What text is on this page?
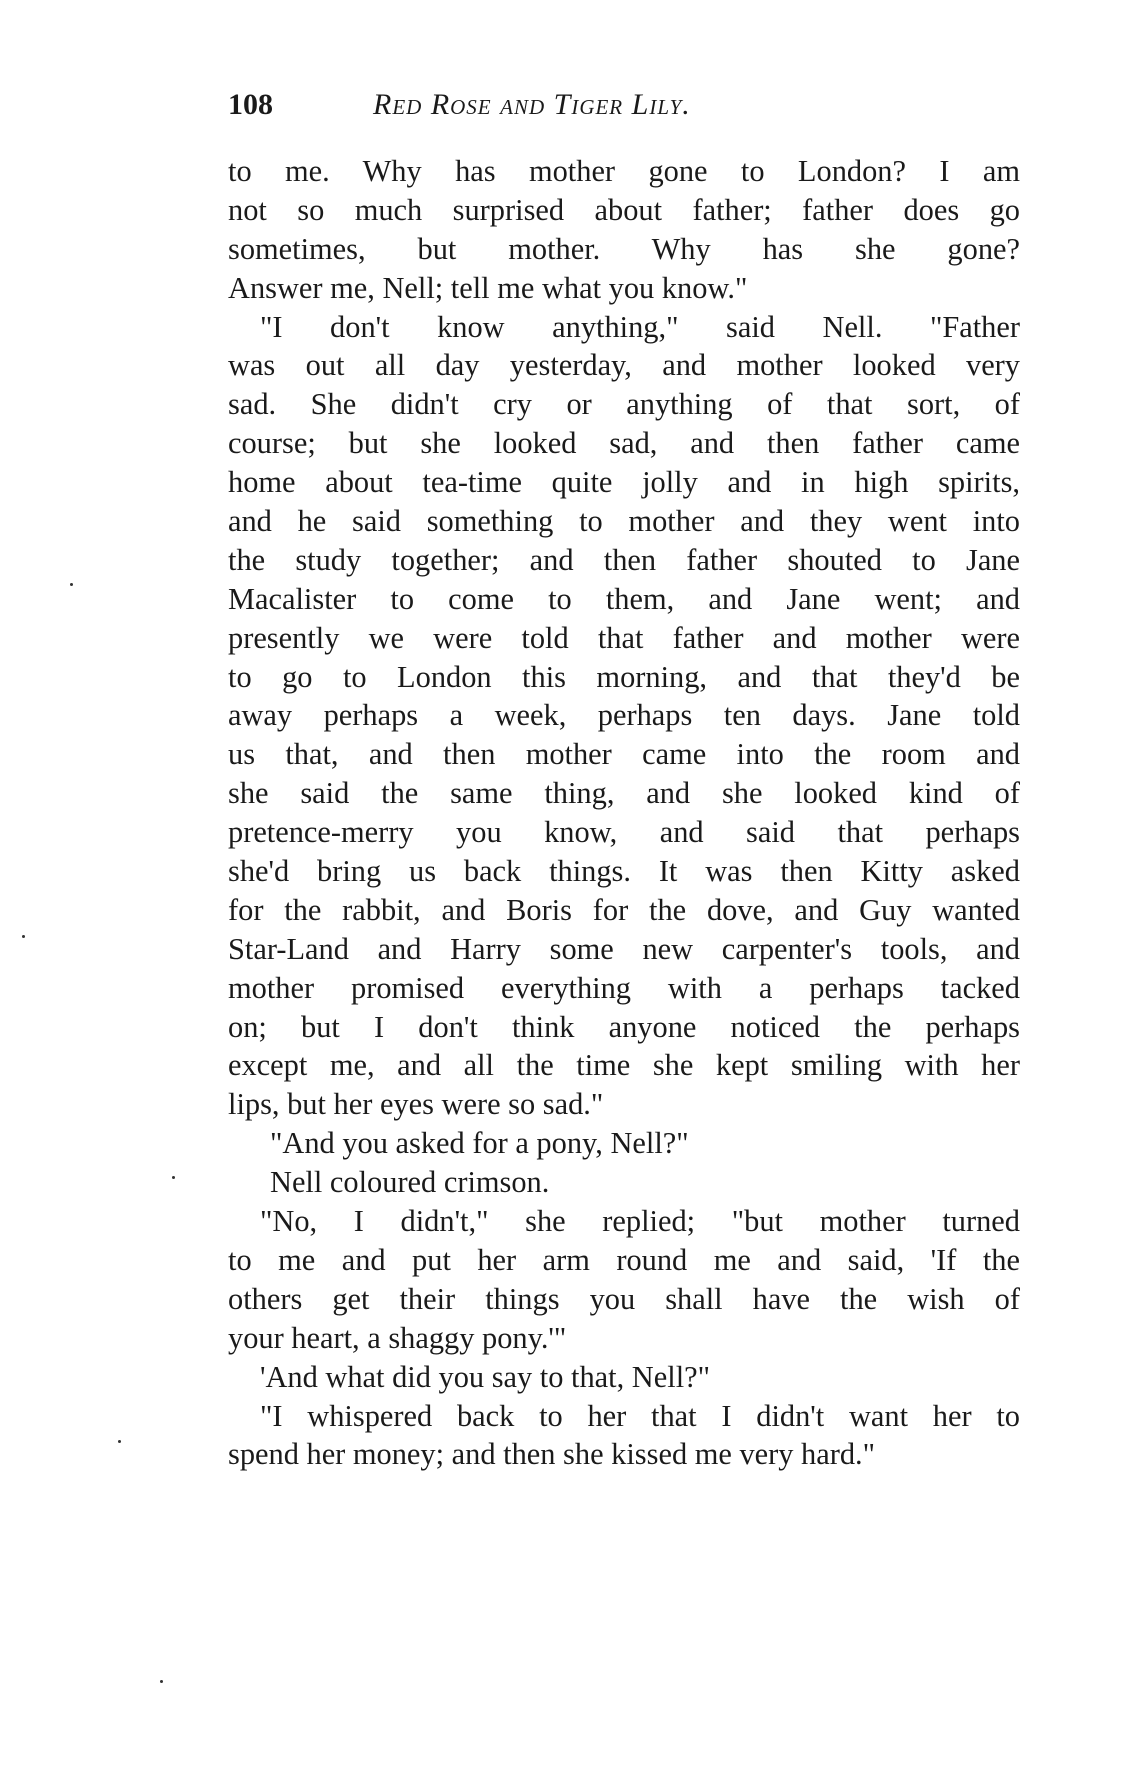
108	Red Rose and Tiger Lily.
to me. Why has mother gone to London? I am
not so much surprised about father; father does go
sometimes, but mother. Why has she gone?
Answer me, Nell; tell me what you know."
"I don't know anything," said Nell. "Father
was out all day yesterday, and mother looked very
sad. She didn't cry or anything of that sort, of
course; but she looked sad, and then father came
home about tea-time quite jolly and in high spirits,
and he said something to mother and they went into
the study together; and then father shouted to Jane
Macalister to come to them, and Jane went; and
presently we were told that father and mother were
to go to London this morning, and that they'd be
away perhaps a week, perhaps ten days. Jane told
us that, and then mother came into the room and
she said the same thing, and she looked kind of
pretence-merry you know, and said that perhaps
she'd bring us back things. It was then Kitty asked
for the rabbit, and Boris for the dove, and Guy wanted
Star-Land and Harry some new carpenter's tools, and
mother promised everything with a perhaps tacked
on; but I don't think anyone noticed the perhaps
except me, and all the time she kept smiling with her
lips, but her eyes were so sad."
"And you asked for a pony, Nell?"
Nell coloured crimson.
"No, I didn't," she replied; "but mother turned
to me and put her arm round me and said, 'If the
others get their things you shall have the wish of
your heart, a shaggy pony.'"
'And what did you say to that, Nell?"
"I whispered back to her that I didn't want her to
spend her money; and then she kissed me very hard."
